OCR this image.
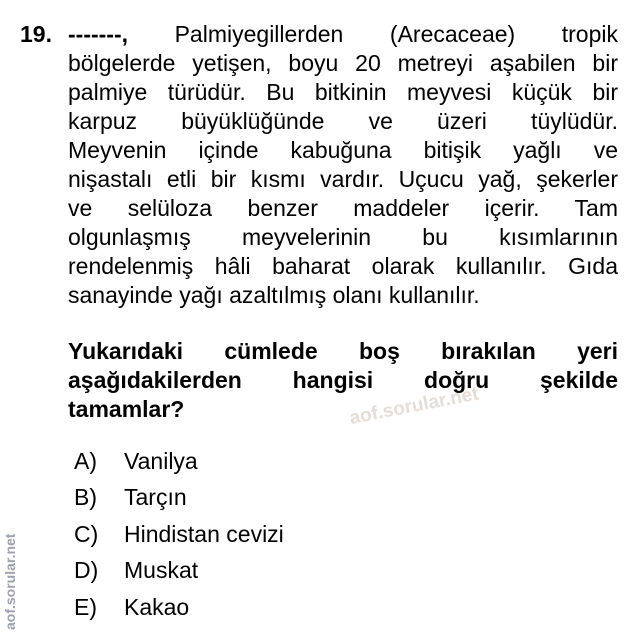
19. -------, Palmiyegillerden (Arecaceae) tropik
bölgelerde yetişen, boyu 20 metreyi aşabilen bir
palmiye türüdür. Bu bitkinin meyvesi küçük bir
karpuz büyüklüğünde ve üzeri tüylüdür.
Meyvenin içinde kabuğuna bitişik yağlı ve
nişastalı etli bir kısmı vardır. Uçucu yağ, şekerler
ve selüloza benzer maddeler içerir. Tam
olgunlaşmış meyvelerinin bu kısımlarının
rendelenmiş hâli baharat olarak kullanılır. Gıda
sanayinde yağı azaltılmış olanı kullanılır.
Yukarıdaki cümlede boş bırakılan yeri
aşağıdakilerden hangisi doğru şekilde
tamamlar?
A)	Vanilya
B)	Tarçın
C)	Hindistan cevizi
D)	Muskat
E)	Kakao
aof.sorular.net
aof.sorular.net
